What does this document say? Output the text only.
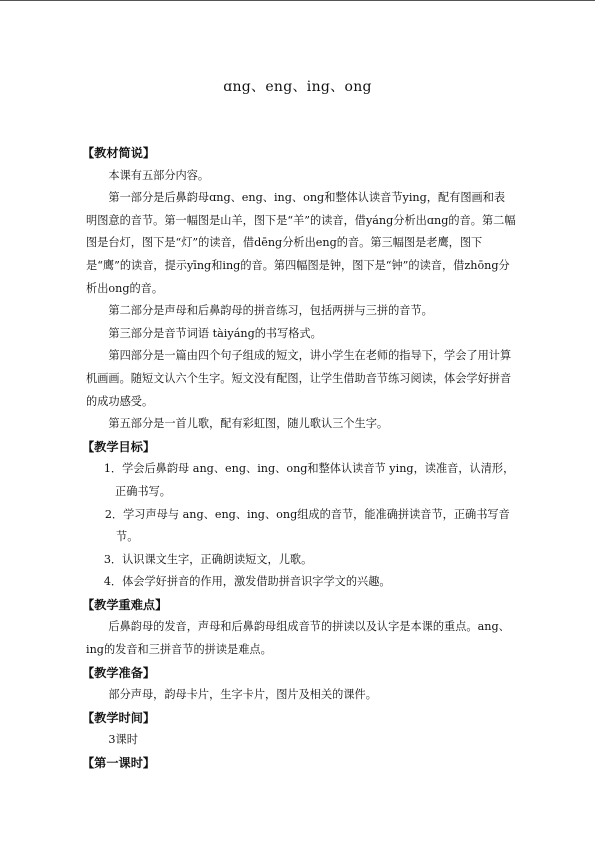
ɑng、eng、ing、ong
【教材简说】
本课有五部分内容。
第一部分是后鼻韵母ɑng、eng、ing、ong和整体认读音节ying，配有图画和表明图意的音节。第一幅图是山羊，图下是“羊”的读音，借yáng分析出ɑng的音。第二幅图是台灯，图下是“灯”的读音，借dēng分析出eng的音。第三幅图是老鹰，图下是“鹰”的读音，提示yīng和ing的音。第四幅图是钟，图下是“钟”的读音，借zhōng分析出ong的音。
第二部分是声母和后鼻韵母的拼音练习，包括两拼与三拼的音节。
第三部分是音节词语 tàiyáng的书写格式。
第四部分是一篇由四个句子组成的短文，讲小学生在老师的指导下，学会了用计算机画画。随短文认六个生字。短文没有配图，让学生借助音节练习阅读，体会学好拼音的成功感受。
第五部分是一首儿歌，配有彩虹图，随儿歌认三个生字。
【教学目标】
1．学会后鼻韵母 ang、eng、ing、ong和整体认读音节 ying，读准音，认清形，正确书写。
2．学习声母与 ang、eng、ing、ong组成的音节，能准确拼读音节，正确书写音节。
3．认识课文生字，正确朗读短文，儿歌。
4．体会学好拼音的作用，激发借助拼音识字学文的兴趣。
【教学重难点】
后鼻韵母的发音，声母和后鼻韵母组成音节的拼读以及认字是本课的重点。ang、ing的发音和三拼音节的拼读是难点。
【教学准备】
部分声母，韵母卡片，生字卡片，图片及相关的课件。
【教学时间】
3课时
【第一课时】
